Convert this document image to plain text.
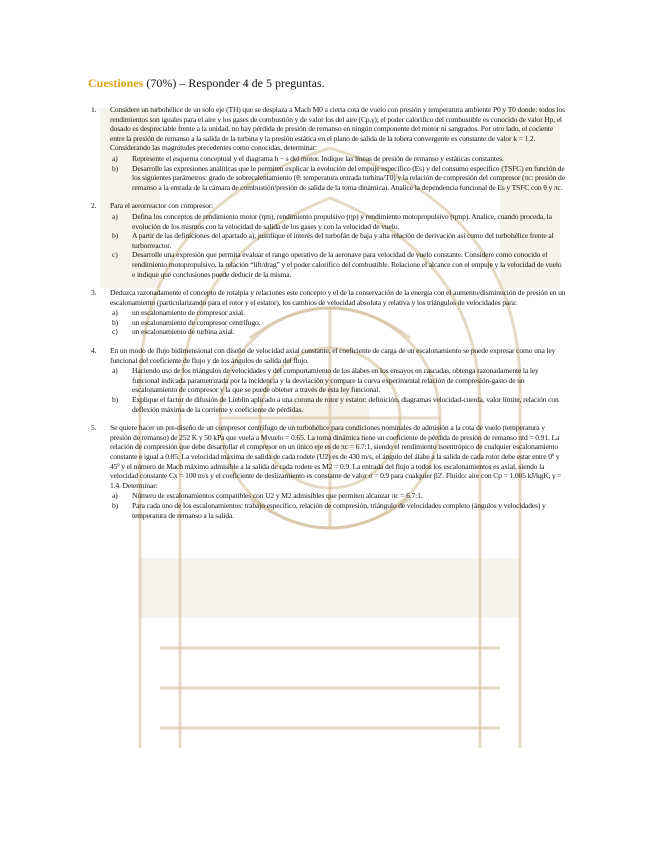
Cuestiones (70%) – Responder 4 de 5 preguntas.
1. Considere un turbohélice de un solo eje (TH) que se desplaza a Mach M0 a cierta cota de vuelo con presión y temperatura ambiente P0 y T0 donde: todos los rendimientos son iguales para el aire y los gases de combustión y de valor los del aire (Cp,γ); el poder calorífico del combustible es conocido de valor Hp, el dosado es despreciable frente a la unidad, no hay pérdida de presión de remanso en ningún componente del motor ni sangrados. Por otro lado, el cociente entre la presión de remanso a la salida de la turbina y la presión estática en el plano de salida de la tobera convergente es constante de valor k = 1.2. Considerando las magnitudes precedentes como conocidas, determinar:
a) Represente el esquema conceptual y el diagrama h − s del motor. Indique las líneas de presión de remanso y estáticas constantes.
b) Desarrolle las expresiones analíticas que le permiten explicar la evolución del empuje específico (Es) y del consumo específico (TSFC) en función de los siguientes parámetros: grado de sobrecalentamiento (θ: temperatura entrada turbina/T0) y la relación de compresión del compresor (πc: presión de remanso a la entrada de la cámara de combustión/presión de salida de la toma dinámica). Analice la dependencia funcional de Es y TSFC con θ y πc.
2. Para el aerorreactor con compresor:
a) Defina los conceptos de rendimiento motor (ηm), rendimiento propulsivo (ηp) y rendimiento motopropulsivo (ηmp). Analice, cuando proceda, la evolución de los mismos con la velocidad de salida de los gases y con la velocidad de vuelo.
b) A partir de las definiciones del apartado a), justifique el interés del turbofán de baja y alta relación de derivación así como del turbohélice frente al turborreactor.
c) Desarrolle una expresión que permita evaluar el rango operativo de la aeronave para velocidad de vuelo constante. Considere como conocido el rendimiento motopropulsivo, la relación “lift/drag” y el poder calorífico del combustible. Relacione el alcance con el empuje y la velocidad de vuelo e indique qué conclusiones puede deducir de la misma.
3. Deduzca razonadamente el concepto de rotalpía y relaciones este concepto y el de la conservación de la energía con el aumento/disminución de presión en un escalonamiento (particularizando para el rotor y el estator), los cambios de velocidad absoluta y relativa y los triángulos de velocidades para:
a) un escalonamiento de compresor axial.
b) un escalonamiento de compresor centrífugo.
c) un escalonamiento de turbina axial.
4. En un modo de flujo bidimensional con diseño de velocidad axial constante, el coeficiente de carga de un escalonamiento se puede expresar como una ley funcional del coeficiente de flujo y de los ángulos de salida del flujo.
a) Haciendo uso de los triángulos de velocidades y del comportamiento de los álabes en los ensayos en cascadas, obtenga razonadamente la ley funcional indicada parametrizada por la incidencia y la desviación y compare la curva experimental relación de compresión-gasto de un escalonamiento de compresor y la que se puede obtener a través de esta ley funcional.
b) Explique el factor de difusión de Lieblin aplicado a una corona de rotor y estator: definición, diagramas velocidad-cuerda, valor límite, relación con deflexión máxima de la corriente y coeficiente de pérdidas.
5. Se quiere hacer un pre-diseño de un compresor centrífugo de un turbohélice para condiciones nominales de admisión a la cota de vuelo (temperatura y presión de remanso) de 252 K y 50 kPa que vuela a Mvuelo = 0.65. La toma dinámica tiene un coeficiente de pérdida de presión de remanso πtd = 0.91. La relación de compresión que debe desarrollar el compresor en un único eje es de πc = 6.7:1, siendo el rendimiento isoentrópico de cualquier escalonamiento constante e igual a 0.85. La velocidad máxima de salida de cada rodete (U2) es de 430 m/s, el ángulo del álabe a la salida de cada rotor debe estar entre 0º y 45º y el número de Mach máximo admisible a la salida de cada rodete es M2 = 0.9. La entrada del flujo a todos los escalonamientos es axial, siendo la velocidad constante Cx = 100 m/s y el coeficiente de deslizamiento es constante de valor σ = 0.9 para cualquier β2'. Fluido: aire con Cp = 1.005 kJ/kgK, γ = 1.4. Determinar:
a) Número de escalonamientos compatibles con U2 y M2 admisibles que permiten alcanzar πc = 6.7:1.
b) Para cada uno de los escalonamientos: trabajo específico, relación de compresión, triángulo de velocidades completo (ángulos y velocidades) y temperatura de remanso a la salida.
